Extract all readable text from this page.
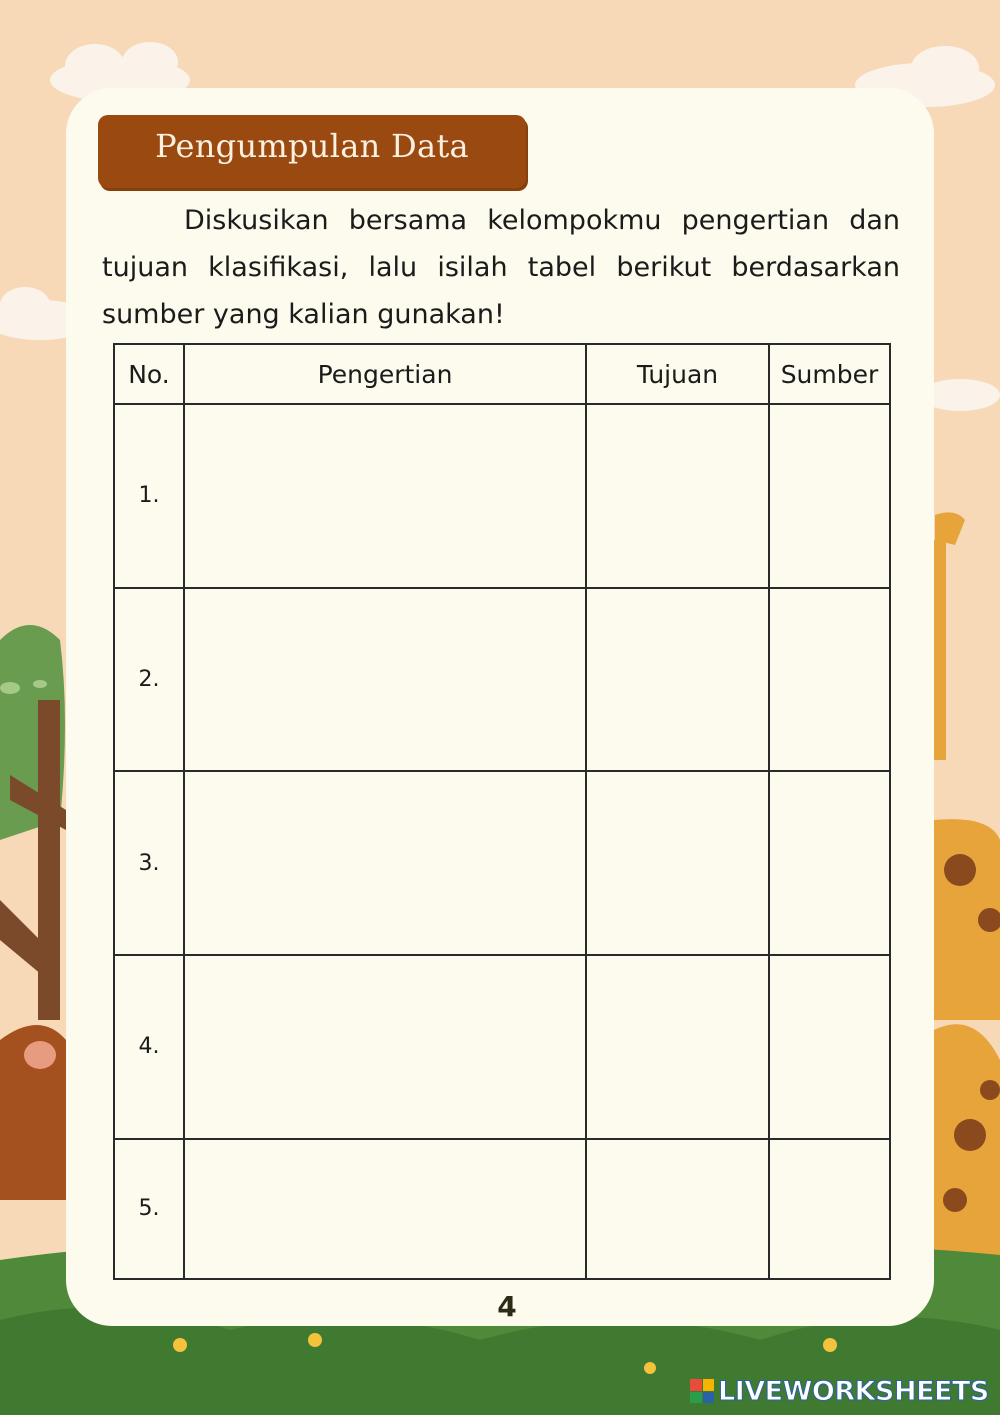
Pengumpulan Data
Diskusikan bersama kelompokmu pengertian dan
tujuan klasifikasi, lalu isilah tabel berikut berdasarkan
sumber yang kalian gunakan!
No.	Pengertian	Tujuan	Sumber
1.			
2.			
3.			
4.			
5.			
4
LIVEWORKSHEETS
